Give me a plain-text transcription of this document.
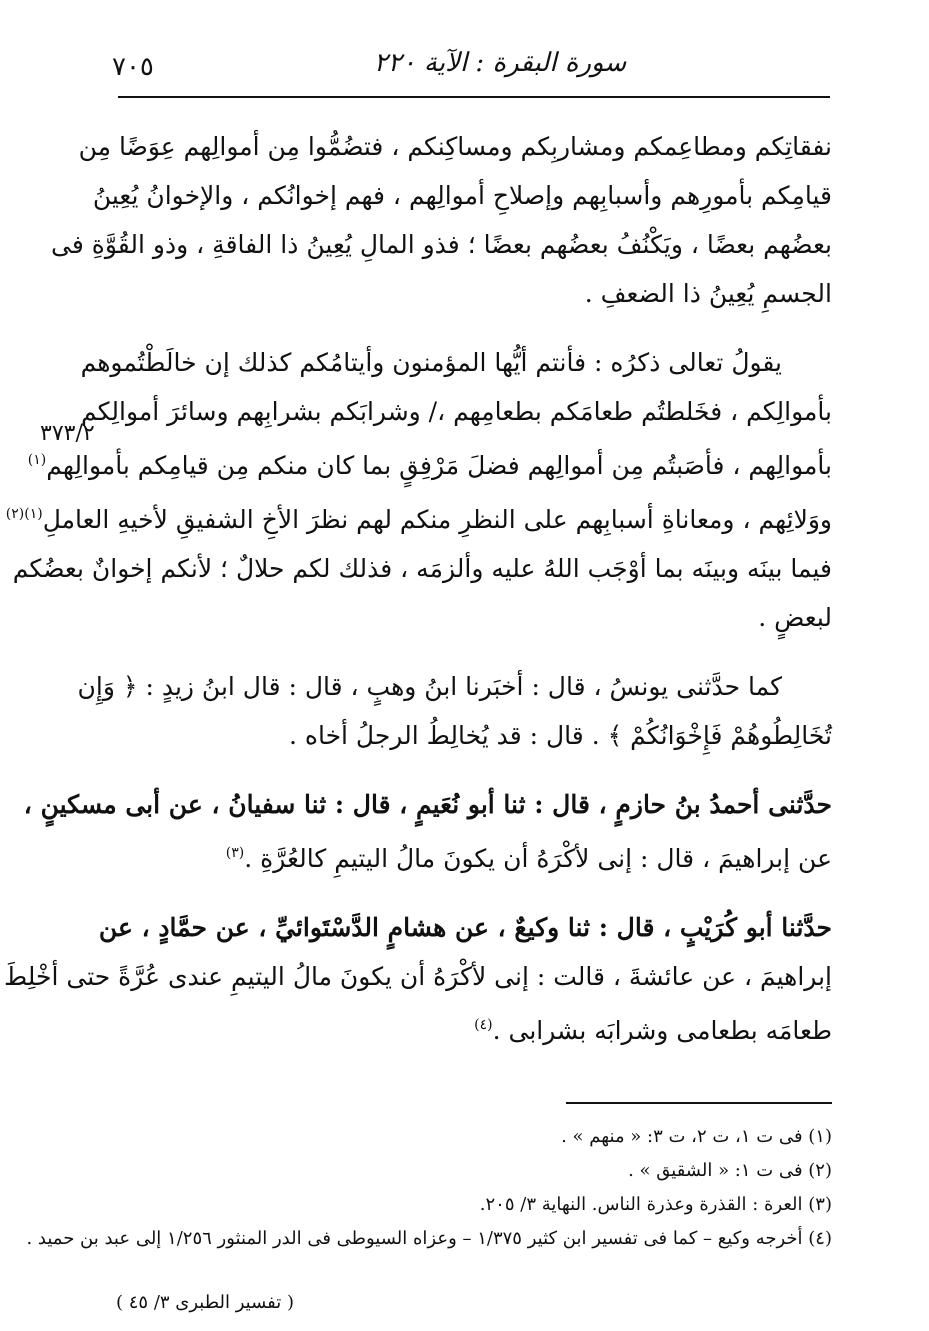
سورة البقرة : الآية ٢٢٠
٧٠٥
٣٧٣/٢

نفقاتِكم ومطاعِمكم ومشاربِكم ومساكِنكم ، فتضُمُّوا مِن أموالِهم عِوَضًا مِن
قيامِكم بأمورِهم وأسبابِهم وإصلاحِ أموالِهم ، فهم إخوانُكم ، والإخوانُ يُعِينُ
بعضُهم بعضًا ، ويَكْنُفُ بعضُهم بعضًا ؛ فذو المالِ يُعِينُ ذا الفاقةِ ، وذو القُوَّةِ فى
الجسمِ يُعِينُ ذا الضعفِ .

يقولُ تعالى ذكرُه : فأنتم أيُّها المؤمنون وأيتامُكم كذلك إن خالَطْتُموهم
بأموالِكم ، فخَلطتُم طعامَكم بطعامِهم ،/ وشرابَكم بشرابِهم وسائرَ أموالِكم
بأموالِهم ، فأصَبتُم مِن أموالِهم فضلَ مَرْفِقٍ بما كان منكم مِن قيامِكم بأموالِهم$^{(١)}$
ووَلائِهم ، ومعاناةِ أسبابِهم على النظرِ منكم لهم نظرَ الأخِ الشفيقِ لأخيهِ العاملِ$^{(١)(٢)}$
فيما بينَه وبينَه بما أوْجَب اللهُ عليه وألزمَه ، فذلك لكم حلالٌ ؛ لأنكم إخوانٌ بعضُكم
لبعضٍ .

كما حدَّثنى يونسُ ، قال : أخبَرنا ابنُ وهبٍ ، قال : قال ابنُ زيدٍ : ﴿ وَإِن
تُخَالِطُوهُمْ فَإِخْوَانُكُمْ ﴾ . قال : قد يُخالِطُ الرجلُ أخاه .

حدَّثنى أحمدُ بنُ حازمٍ ، قال : ثنا أبو نُعَيمٍ ، قال : ثنا سفيانُ ، عن أبى مسكينٍ ،
عن إبراهيمَ ، قال : إنى لأكْرَهُ أن يكونَ مالُ اليتيمِ كالعُرَّةِ .$^{(٣)}$

حدَّثنا أبو كُرَيْبٍ ، قال : ثنا وكيعٌ ، عن هشامٍ الدَّسْتَوائيِّ ، عن حمَّادٍ ، عن
إبراهيمَ ، عن عائشةَ ، قالت : إنى لأكْرَهُ أن يكونَ مالُ اليتيمِ عندى عُرَّةً حتى أخْلِطَ
طعامَه بطعامى وشرابَه بشرابى .$^{(٤)}$

(١) فى ت ١، ت ٢، ت ٣: « منهم » .

(٢) فى ت ١: « الشقيق » .

(٣) العرة : القذرة وعذرة الناس. النهاية ٣/ ٢٠٥.

(٤) أخرجه وكيع – كما فى تفسير ابن كثير ١/٣٧٥ – وعزاه السيوطى فى الدر المنثور ١/٢٥٦ إلى عبد بن حميد .

( تفسير الطبرى ٣/ ٤٥ )
